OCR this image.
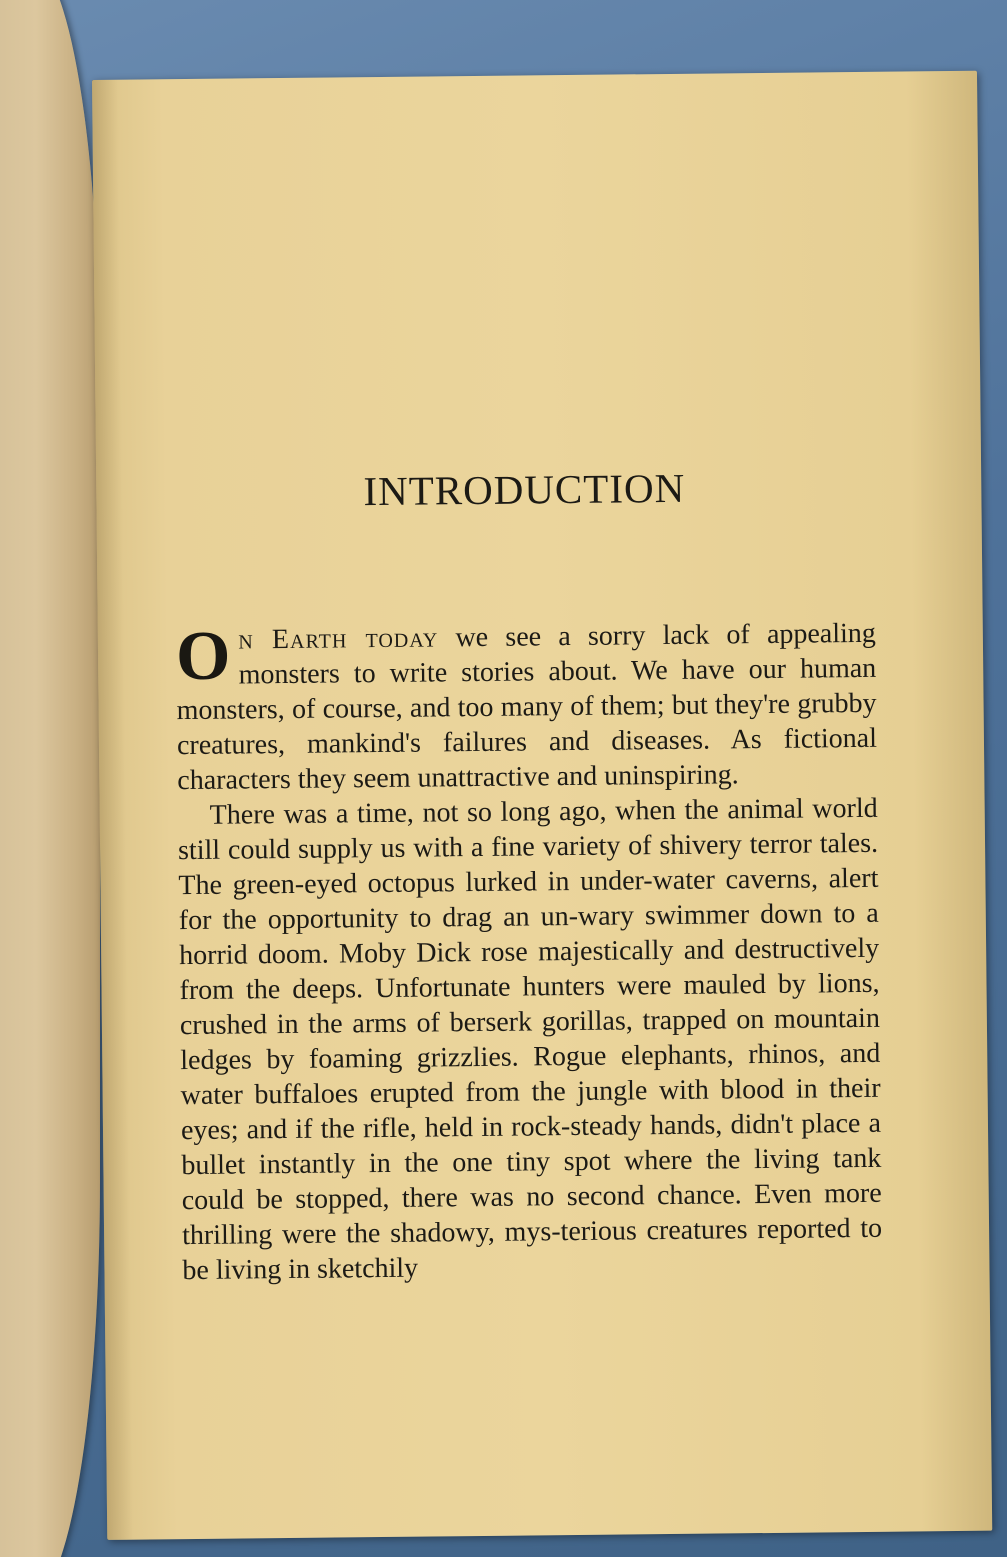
INTRODUCTION

On Earth today we see a sorry lack of appealing monsters to write stories about. We have our human monsters, of course, and too many of them; but they're grubby creatures, mankind's failures and diseases. As fictional characters they seem unattractive and uninspiring.

There was a time, not so long ago, when the animal world still could supply us with a fine variety of shivery terror tales. The green-eyed octopus lurked in under-water caverns, alert for the opportunity to drag an un-wary swimmer down to a horrid doom. Moby Dick rose majestically and destructively from the deeps. Unfortunate hunters were mauled by lions, crushed in the arms of berserk gorillas, trapped on mountain ledges by foaming grizzlies. Rogue elephants, rhinos, and water buffaloes erupted from the jungle with blood in their eyes; and if the rifle, held in rock-steady hands, didn't place a bullet instantly in the one tiny spot where the living tank could be stopped, there was no second chance. Even more thrilling were the shadowy, mys-terious creatures reported to be living in sketchily
